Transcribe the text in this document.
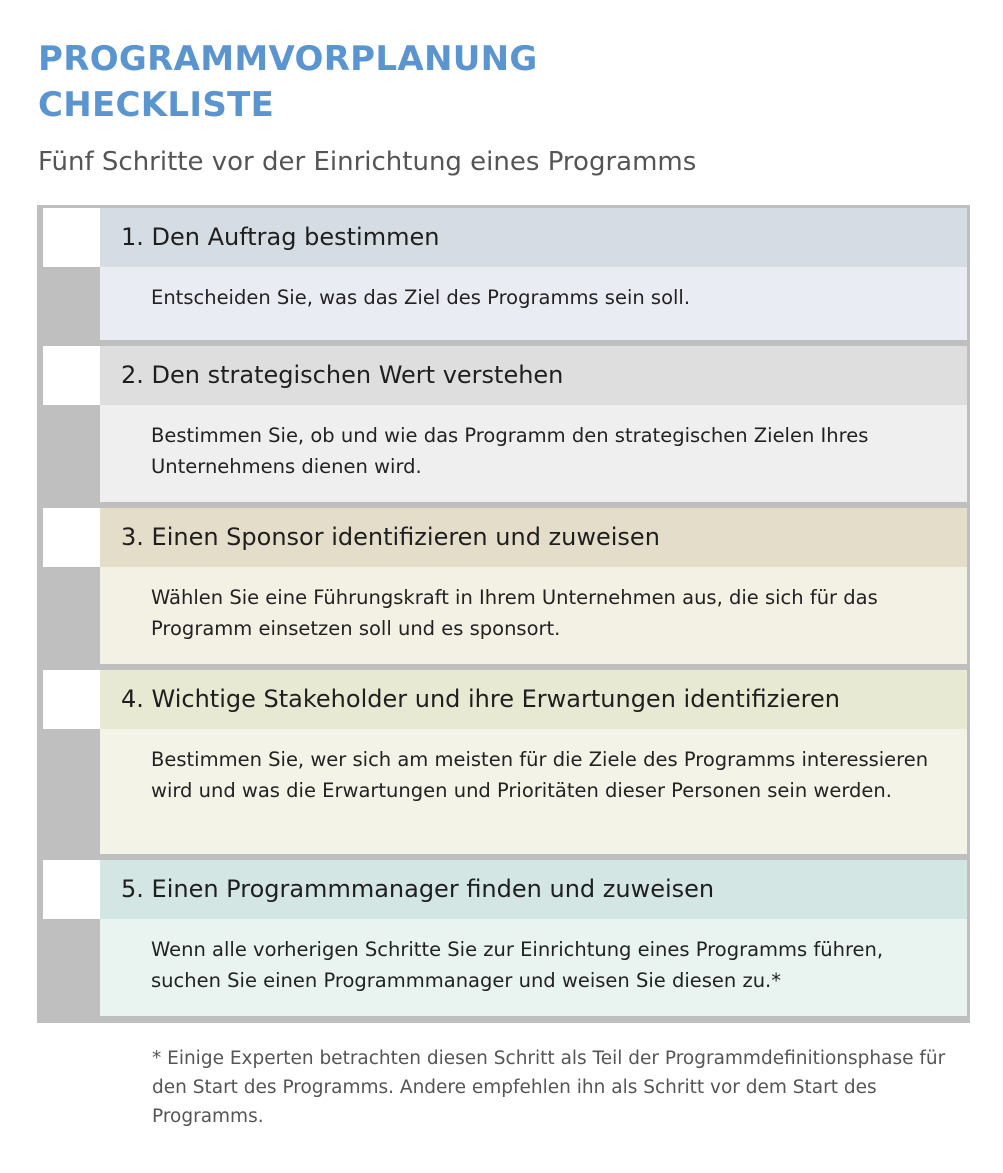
PROGRAMMVORPLANUNG
CHECKLISTE
Fünf Schritte vor der Einrichtung eines Programms
1. Den Auftrag bestimmen
Entscheiden Sie, was das Ziel des Programms sein soll.
2. Den strategischen Wert verstehen
Bestimmen Sie, ob und wie das Programm den strategischen Zielen Ihres Unternehmens dienen wird.
3. Einen Sponsor identifizieren und zuweisen
Wählen Sie eine Führungskraft in Ihrem Unternehmen aus, die sich für das Programm einsetzen soll und es sponsort.
4. Wichtige Stakeholder und ihre Erwartungen identifizieren
Bestimmen Sie, wer sich am meisten für die Ziele des Programms interessieren wird und was die Erwartungen und Prioritäten dieser Personen sein werden.
5. Einen Programmmanager finden und zuweisen
Wenn alle vorherigen Schritte Sie zur Einrichtung eines Programms führen, suchen Sie einen Programmmanager und weisen Sie diesen zu.*

* Einige Experten betrachten diesen Schritt als Teil der Programmdefinitionsphase für den Start des Programms. Andere empfehlen ihn als Schritt vor dem Start des Programms.
